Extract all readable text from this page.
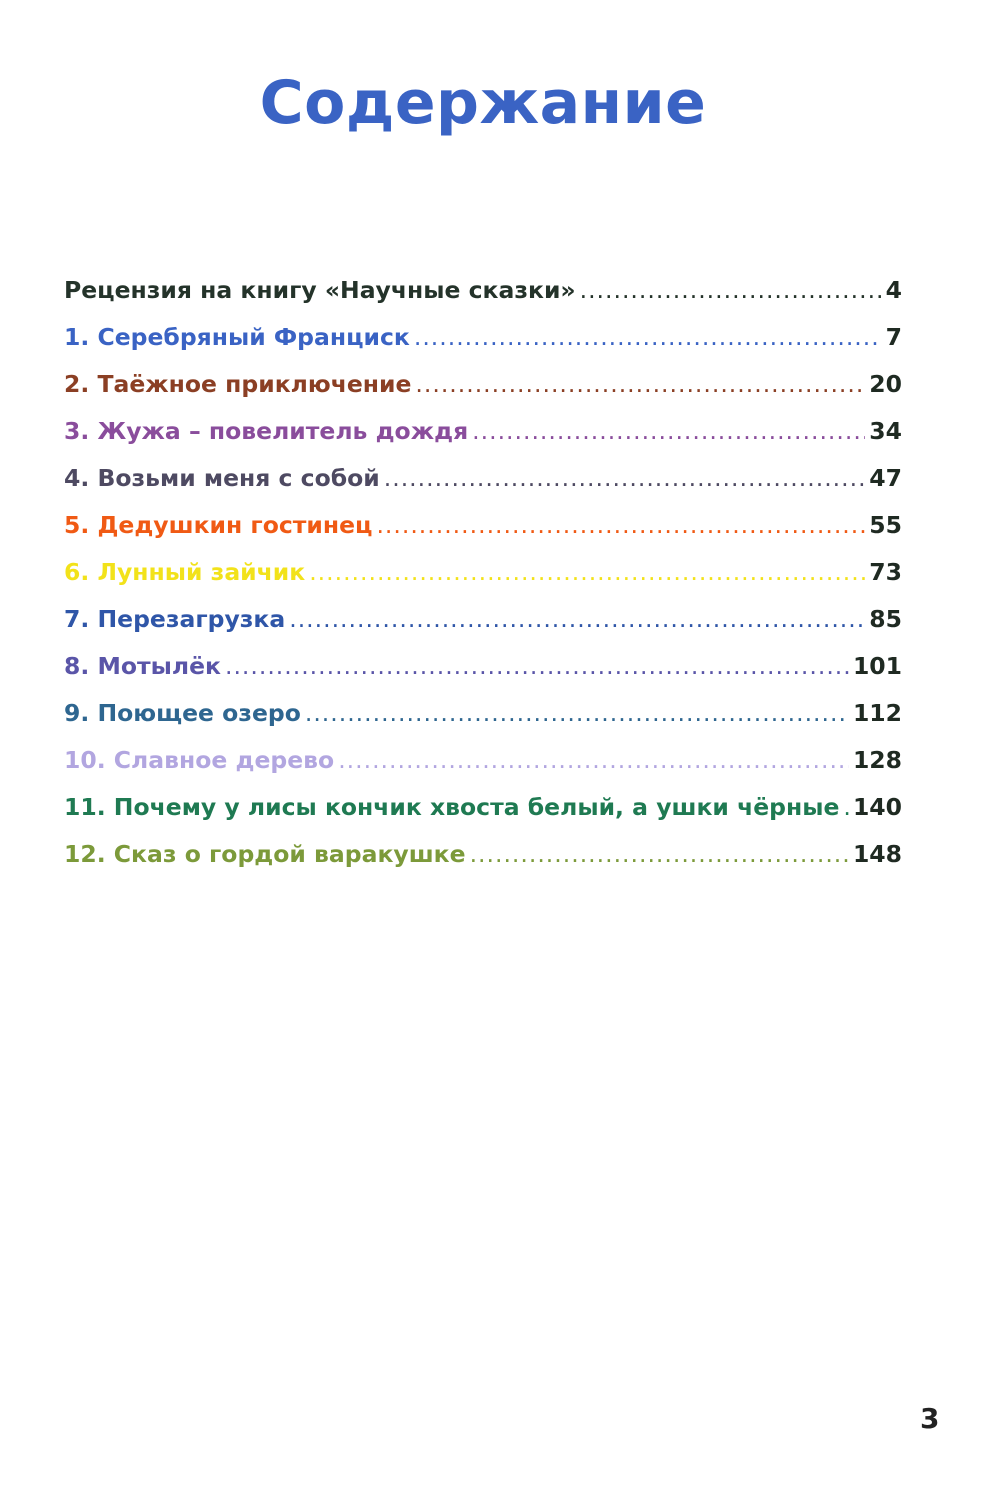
Содержание
Рецензия на книгу «Научные сказки» .....	4
1. Серебряный Франциск .....	7
2. Таёжное приключение .....	20
3. Жужа – повелитель дождя .....	34
4. Возьми меня с собой .....	47
5. Дедушкин гостинец .....	55
6. Лунный зайчик .....	73
7. Перезагрузка .....	85
8. Мотылёк .....	101
9. Поющее озеро .....	112
10. Славное дерево .....	128
11. Почему у лисы кончик хвоста белый, а ушки чёрные ..... 140
12. Сказ о гордой варакушке .....	148
3
